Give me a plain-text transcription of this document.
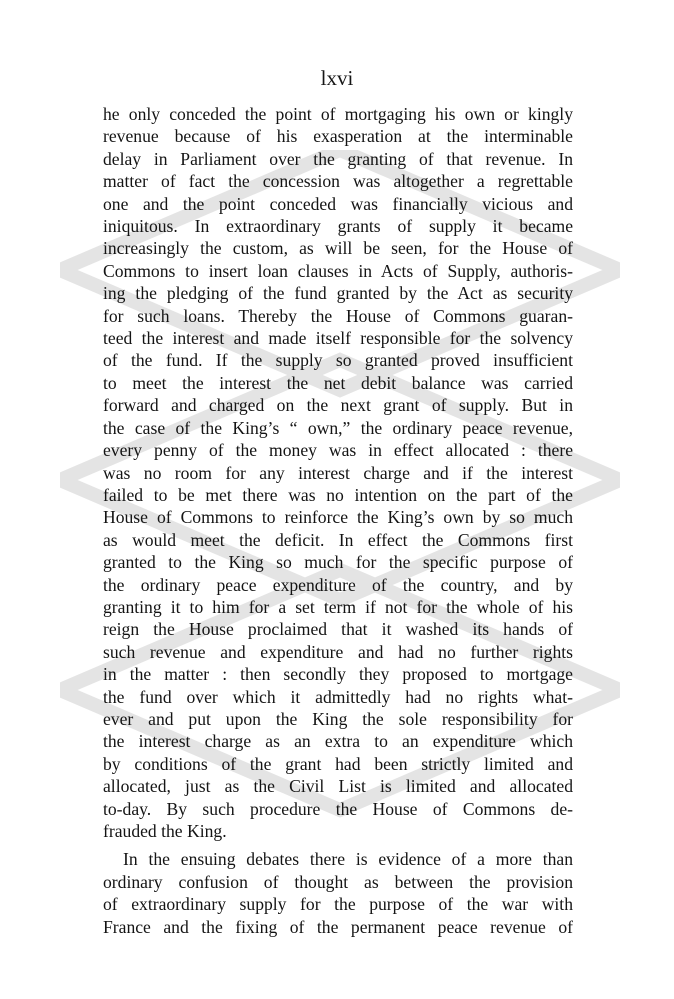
lxvi

he only conceded the point of mortgaging his own or kingly
revenue because of his exasperation at the interminable
delay in Parliament over the granting of that revenue. In
matter of fact the concession was altogether a regrettable
one and the point conceded was financially vicious and
iniquitous. In extraordinary grants of supply it became
increasingly the custom, as will be seen, for the House of
Commons to insert loan clauses in Acts of Supply, authoris-
ing the pledging of the fund granted by the Act as security
for such loans. Thereby the House of Commons guaran-
teed the interest and made itself responsible for the solvency
of the fund. If the supply so granted proved insufficient
to meet the interest the net debit balance was carried
forward and charged on the next grant of supply. But in
the case of the King’s “ own,” the ordinary peace revenue,
every penny of the money was in effect allocated : there
was no room for any interest charge and if the interest
failed to be met there was no intention on the part of the
House of Commons to reinforce the King’s own by so much
as would meet the deficit. In effect the Commons first
granted to the King so much for the specific purpose of
the ordinary peace expenditure of the country, and by
granting it to him for a set term if not for the whole of his
reign the House proclaimed that it washed its hands of
such revenue and expenditure and had no further rights
in the matter : then secondly they proposed to mortgage
the fund over which it admittedly had no rights what-
ever and put upon the King the sole responsibility for
the interest charge as an extra to an expenditure which
by conditions of the grant had been strictly limited and
allocated, just as the Civil List is limited and allocated
to-day. By such procedure the House of Commons de-
frauded the King.

In the ensuing debates there is evidence of a more than
ordinary confusion of thought as between the provision
of extraordinary supply for the purpose of the war with
France and the fixing of the permanent peace revenue of
